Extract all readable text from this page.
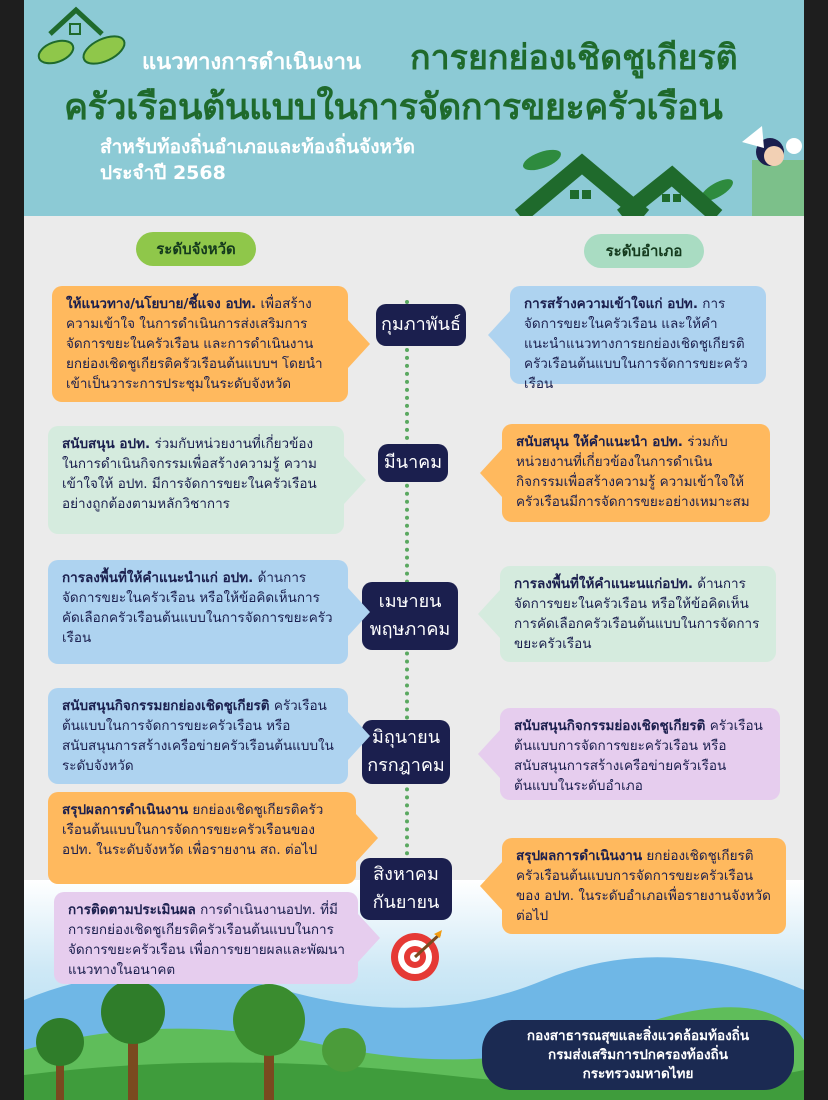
แนวทางการดำเนินงาน การยกย่องเชิดชูเกียรติ
ครัวเรือนต้นแบบในการจัดการขยะครัวเรือน
สำหรับท้องถิ่นอำเภอและท้องถิ่นจังหวัด
ประจำปี 2568
ระดับจังหวัด	ระดับอำเภอ
กุมภาพันธ์
มีนาคม
เมษายน
พฤษภาคม
มิถุนายน
กรกฎาคม
สิงหาคม
กันยายน
ให้แนวทาง/นโยบาย/ชี้แจง อปท. เพื่อสร้างความเข้าใจ ในการดำเนินการส่งเสริมการจัดการขยะในครัวเรือน และการดำเนินงานยกย่องเชิดชูเกียรติครัวเรือนต้นแบบฯ โดยนำเข้าเป็นวาระการประชุมในระดับจังหวัด
สนับสนุน อปท. ร่วมกับหน่วยงานที่เกี่ยวข้อง ในการดำเนินกิจกรรมเพื่อสร้างความรู้ ความเข้าใจให้ อปท. มีการจัดการขยะในครัวเรือนอย่างถูกต้องตามหลักวิชาการ
การลงพื้นที่ให้คำแนะนำแก่ อปท. ด้านการจัดการขยะในครัวเรือน หรือให้ข้อคิดเห็นการคัดเลือกครัวเรือนต้นแบบในการจัดการขยะครัวเรือน
สนับสนุนกิจกรรมยกย่องเชิดชูเกียรติ ครัวเรือนต้นแบบในการจัดการขยะครัวเรือน หรือสนับสนุนการสร้างเครือข่ายครัวเรือนต้นแบบในระดับจังหวัด
สรุปผลการดำเนินงาน ยกย่องเชิดชูเกียรติครัวเรือนต้นแบบในการจัดการขยะครัวเรือนของ อปท. ในระดับจังหวัด เพื่อรายงาน สถ. ต่อไป
การติดตามประเมินผล การดำเนินงานอปท. ที่มีการยกย่องเชิดชูเกียรติครัวเรือนต้นแบบในการจัดการขยะครัวเรือน เพื่อการขยายผลและพัฒนาแนวทางในอนาคต
การสร้างความเข้าใจแก่ อปท. การจัดการขยะในครัวเรือน และให้คำแนะนำแนวทางการยกย่องเชิดชูเกียรติครัวเรือนต้นแบบในการจัดการขยะครัวเรือน
สนับสนุน ให้คำแนะนำ อปท. ร่วมกับหน่วยงานที่เกี่ยวข้องในการดำเนินกิจกรรมเพื่อสร้างความรู้ ความเข้าใจให้ครัวเรือนมีการจัดการขยะอย่างเหมาะสม
การลงพื้นที่ให้คำแนะนแก่อปท. ด้านการจัดการขยะในครัวเรือน หรือให้ข้อคิดเห็นการคัดเลือกครัวเรือนต้นแบบในการจัดการขยะครัวเรือน
สนับสนุนกิจกรรมย่องเชิดชูเกียรติ ครัวเรือนต้นแบบการจัดการขยะครัวเรือน หรือสนับสนุนการสร้างเครือข่ายครัวเรือนต้นแบบในระดับอำเภอ
สรุปผลการดำเนินงาน ยกย่องเชิดชูเกียรติครัวเรือนต้นแบบการจัดการขยะครัวเรือนของ อปท. ในระดับอำเภอเพื่อรายงานจังหวัดต่อไป
กองสาธารณสุขและสิ่งแวดล้อมท้องถิ่น
กรมส่งเสริมการปกครองท้องถิ่น
กระทรวงมหาดไทย
